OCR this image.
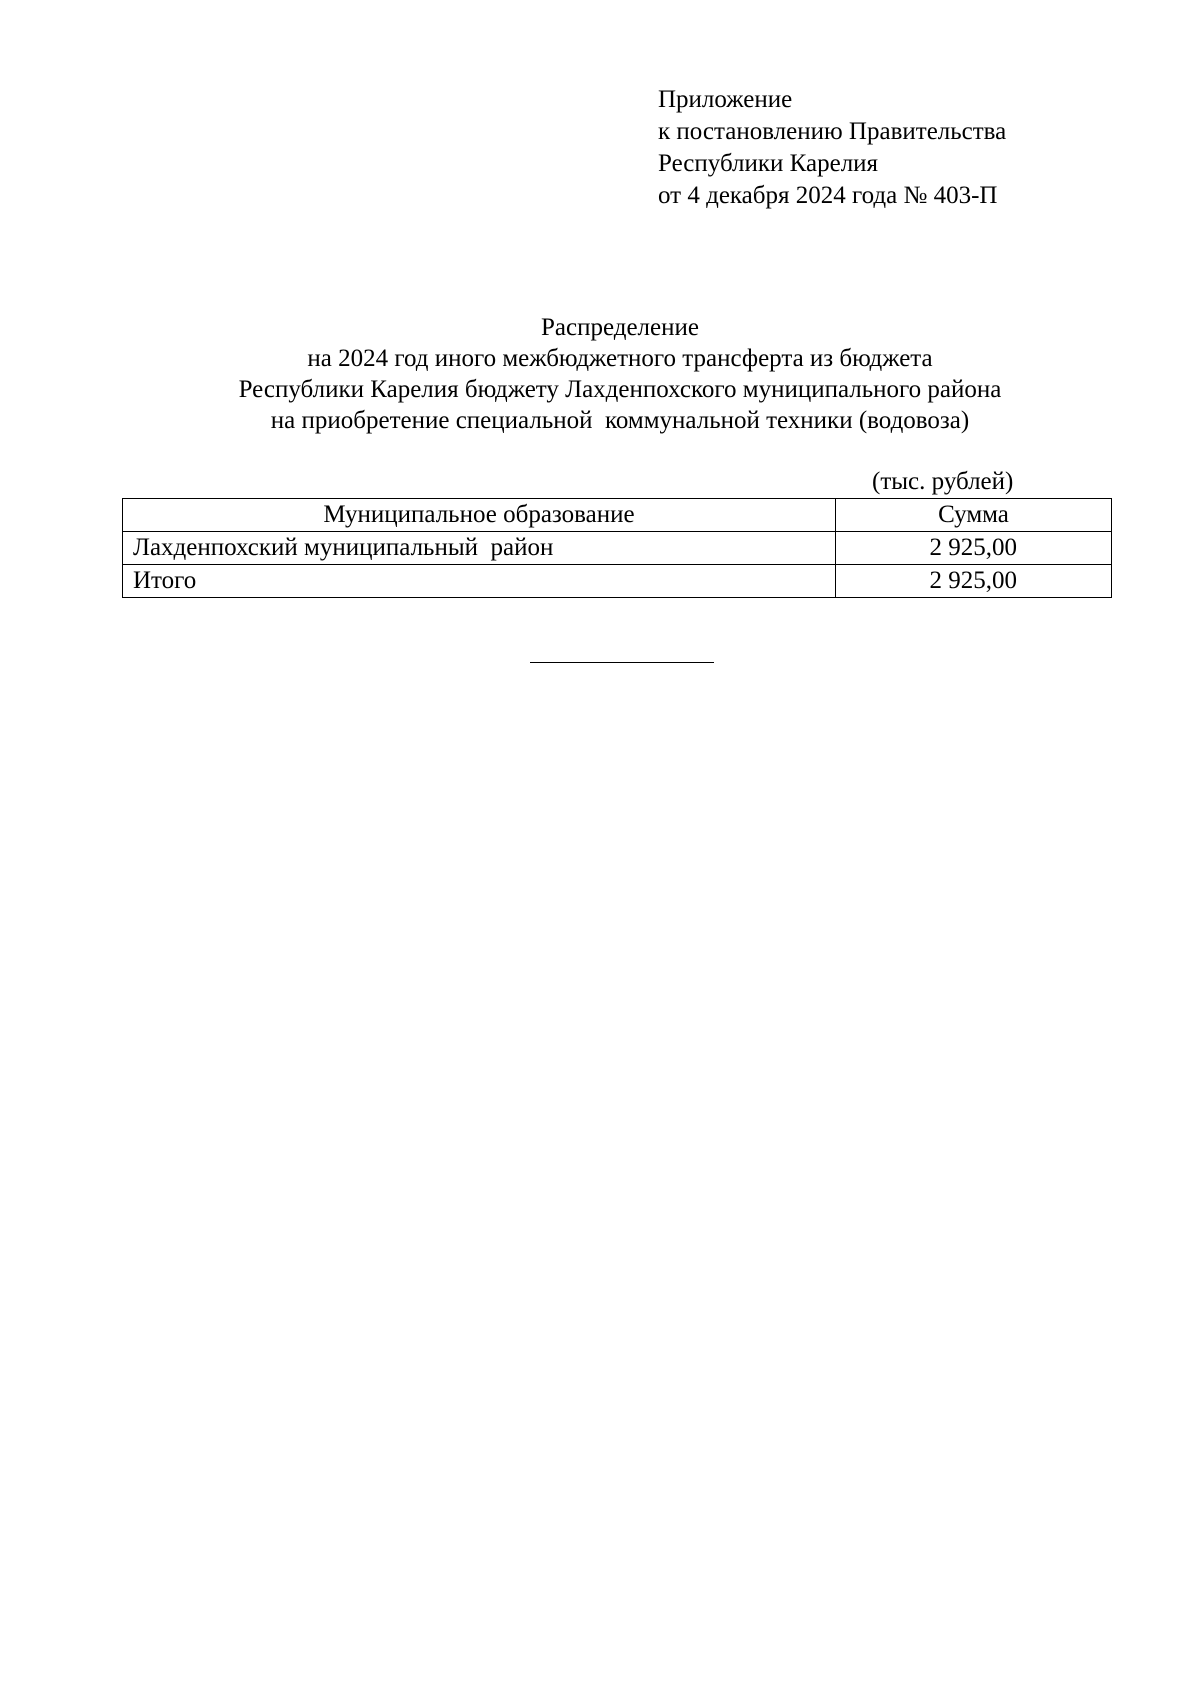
Приложение
к постановлению Правительства
Республики Карелия
от 4 декабря 2024 года № 403-П
Распределение
на 2024 год иного межбюджетного трансферта из бюджета
Республики Карелия бюджету Лахденпохского муниципального района
на приобретение специальной  коммунальной техники (водовоза)
(тыс. рублей)
Муниципальное образование	Сумма
Лахденпохский муниципальный  район	2 925,00
Итого	2 925,00
